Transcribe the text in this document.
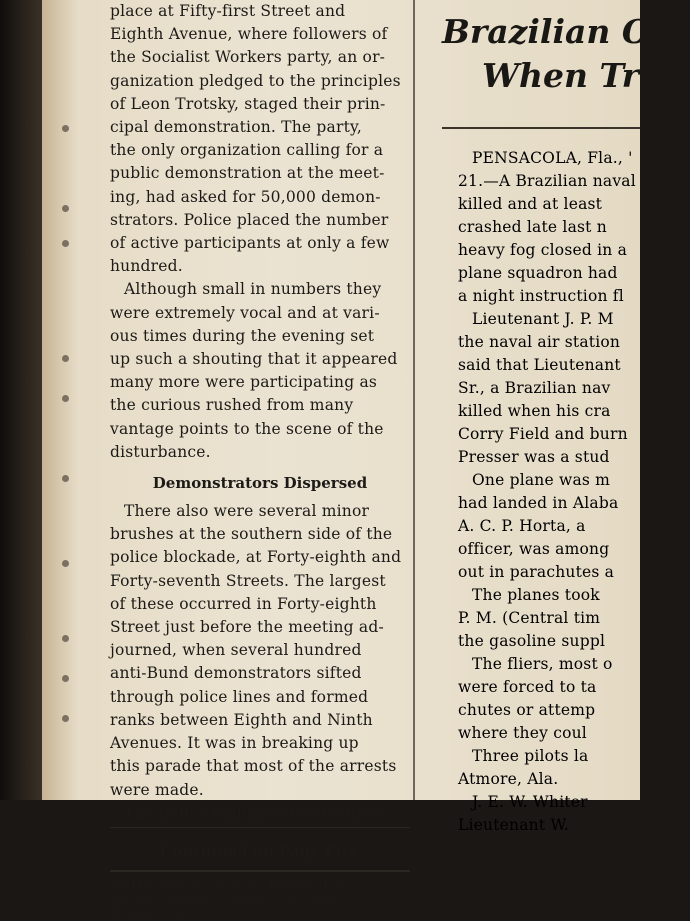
place at Fifty-first Street and
Eighth Avenue, where followers of
the Socialist Workers party, an or-
ganization pledged to the principles
of Leon Trotsky, staged their prin-
cipal demonstration. The party,
the only organization calling for a
public demonstration at the meet-
ing, had asked for 50,000 demon-
strators. Police placed the number
of active participants at only a few
hundred.
Although small in numbers they
were extremely vocal and at vari-
ous times during the evening set
up such a shouting that it appeared
many more were participating as
the curious rushed from many
vantage points to the scene of the
disturbance.
Demonstrators Dispersed
There also were several minor
brushes at the southern side of the
police blockade, at Forty-eighth and
Forty-seventh Streets. The largest
of these occurred in Forty-eighth
Street just before the meeting ad-
journed, when several hundred
anti-Bund demonstrators sifted
through police lines and formed
ranks between Eighth and Ninth
Avenues. It was in breaking up
this parade that most of the arrests
were made.
The police vigilance on the lines
Continued on Page Five
HOTEL ESSEX — Boston's Popular Hotel—
opposite Terminal Station. Floor Shows.
Booklet.—Advt.
Brazilian Offi
When Trap
PENSACOLA, Fla., '
21.—A Brazilian naval
killed and at least
crashed late last n
heavy fog closed in a
plane squadron had
a night instruction fl
Lieutenant J. P. M
the naval air station
said that Lieutenant
Sr., a Brazilian nav
killed when his cra
Corry Field and burn
Presser was a stud
One plane was m
had landed in Alaba
A. C. P. Horta, a
officer, was among
out in parachutes a
The planes took
P. M. (Central tim
the gasoline suppl
The fliers, most o
were forced to ta
chutes or attemp
where they coul
Three pilots la
Atmore, Ala.
J. E. W. Whiter
Lieutenant W.
